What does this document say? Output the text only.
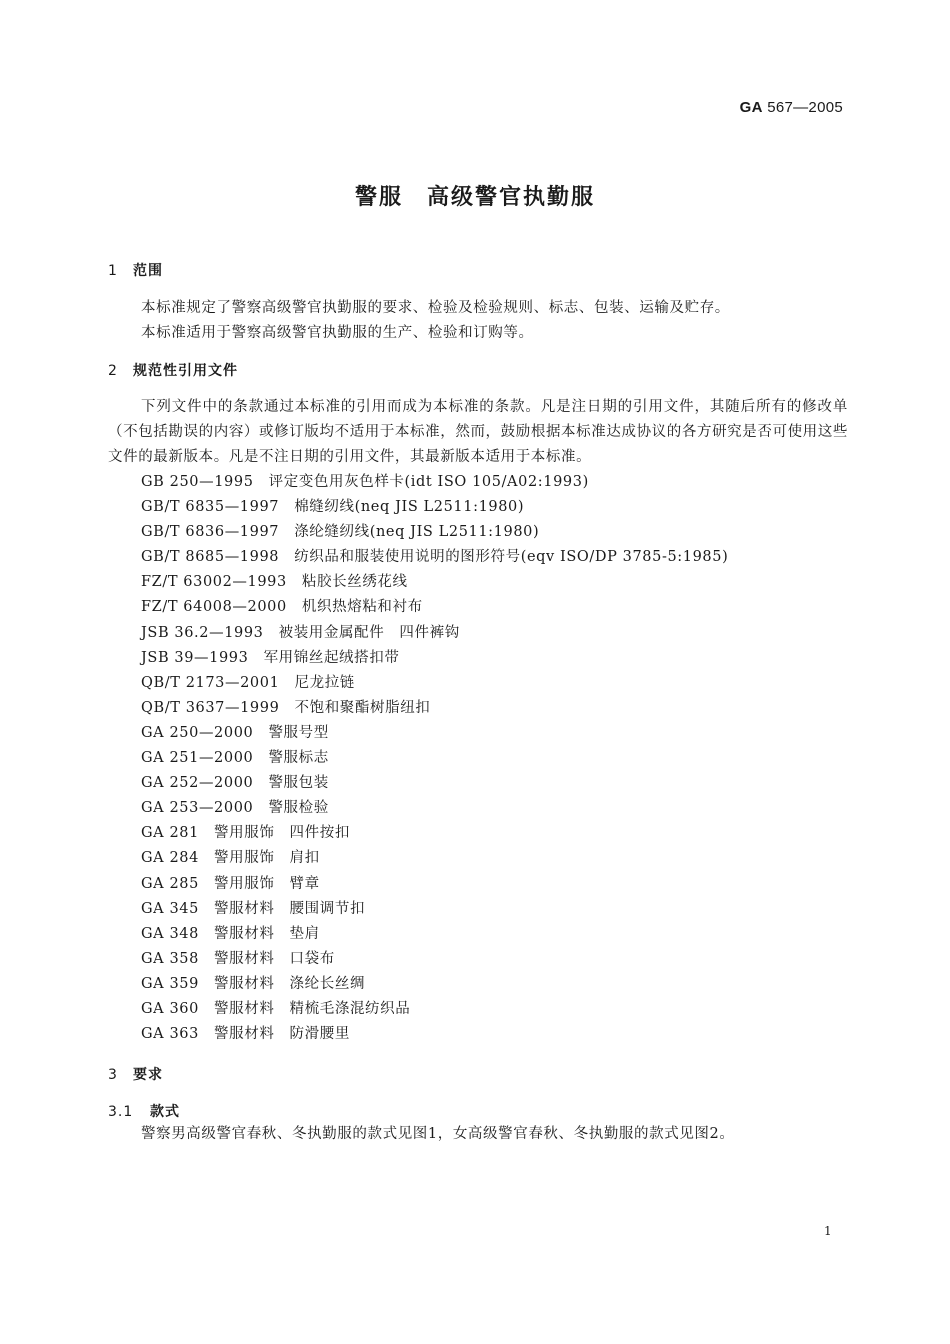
GA 567—2005
警服　高级警官执勤服
1 范围
本标准规定了警察高级警官执勤服的要求、检验及检验规则、标志、包装、运输及贮存。
本标准适用于警察高级警官执勤服的生产、检验和订购等。
2 规范性引用文件
下列文件中的条款通过本标准的引用而成为本标准的条款。凡是注日期的引用文件，其随后所有的修改单（不包括勘误的内容）或修订版均不适用于本标准，然而，鼓励根据本标准达成协议的各方研究是否可使用这些文件的最新版本。凡是不注日期的引用文件，其最新版本适用于本标准。
GB 250—1995　评定变色用灰色样卡(idt ISO 105/A02:1993)
GB/T 6835—1997　棉缝纫线(neq JIS L2511:1980)
GB/T 6836—1997　涤纶缝纫线(neq JIS L2511:1980)
GB/T 8685—1998　纺织品和服装使用说明的图形符号(eqv ISO/DP 3785-5:1985)
FZ/T 63002—1993　粘胶长丝绣花线
FZ/T 64008—2000　机织热熔粘和衬布
JSB 36.2—1993　被装用金属配件　四件裤钩
JSB 39—1993　军用锦丝起绒搭扣带
QB/T 2173—2001　尼龙拉链
QB/T 3637—1999　不饱和聚酯树脂纽扣
GA 250—2000　警服号型
GA 251—2000　警服标志
GA 252—2000　警服包装
GA 253—2000　警服检验
GA 281　警用服饰　四件按扣
GA 284　警用服饰　肩扣
GA 285　警用服饰　臂章
GA 345　警服材料　腰围调节扣
GA 348　警服材料　垫肩
GA 358　警服材料　口袋布
GA 359　警服材料　涤纶长丝绸
GA 360　警服材料　精梳毛涤混纺织品
GA 363　警服材料　防滑腰里
3 要求
3.1 款式
警察男高级警官春秋、冬执勤服的款式见图1，女高级警官春秋、冬执勤服的款式见图2。
1
